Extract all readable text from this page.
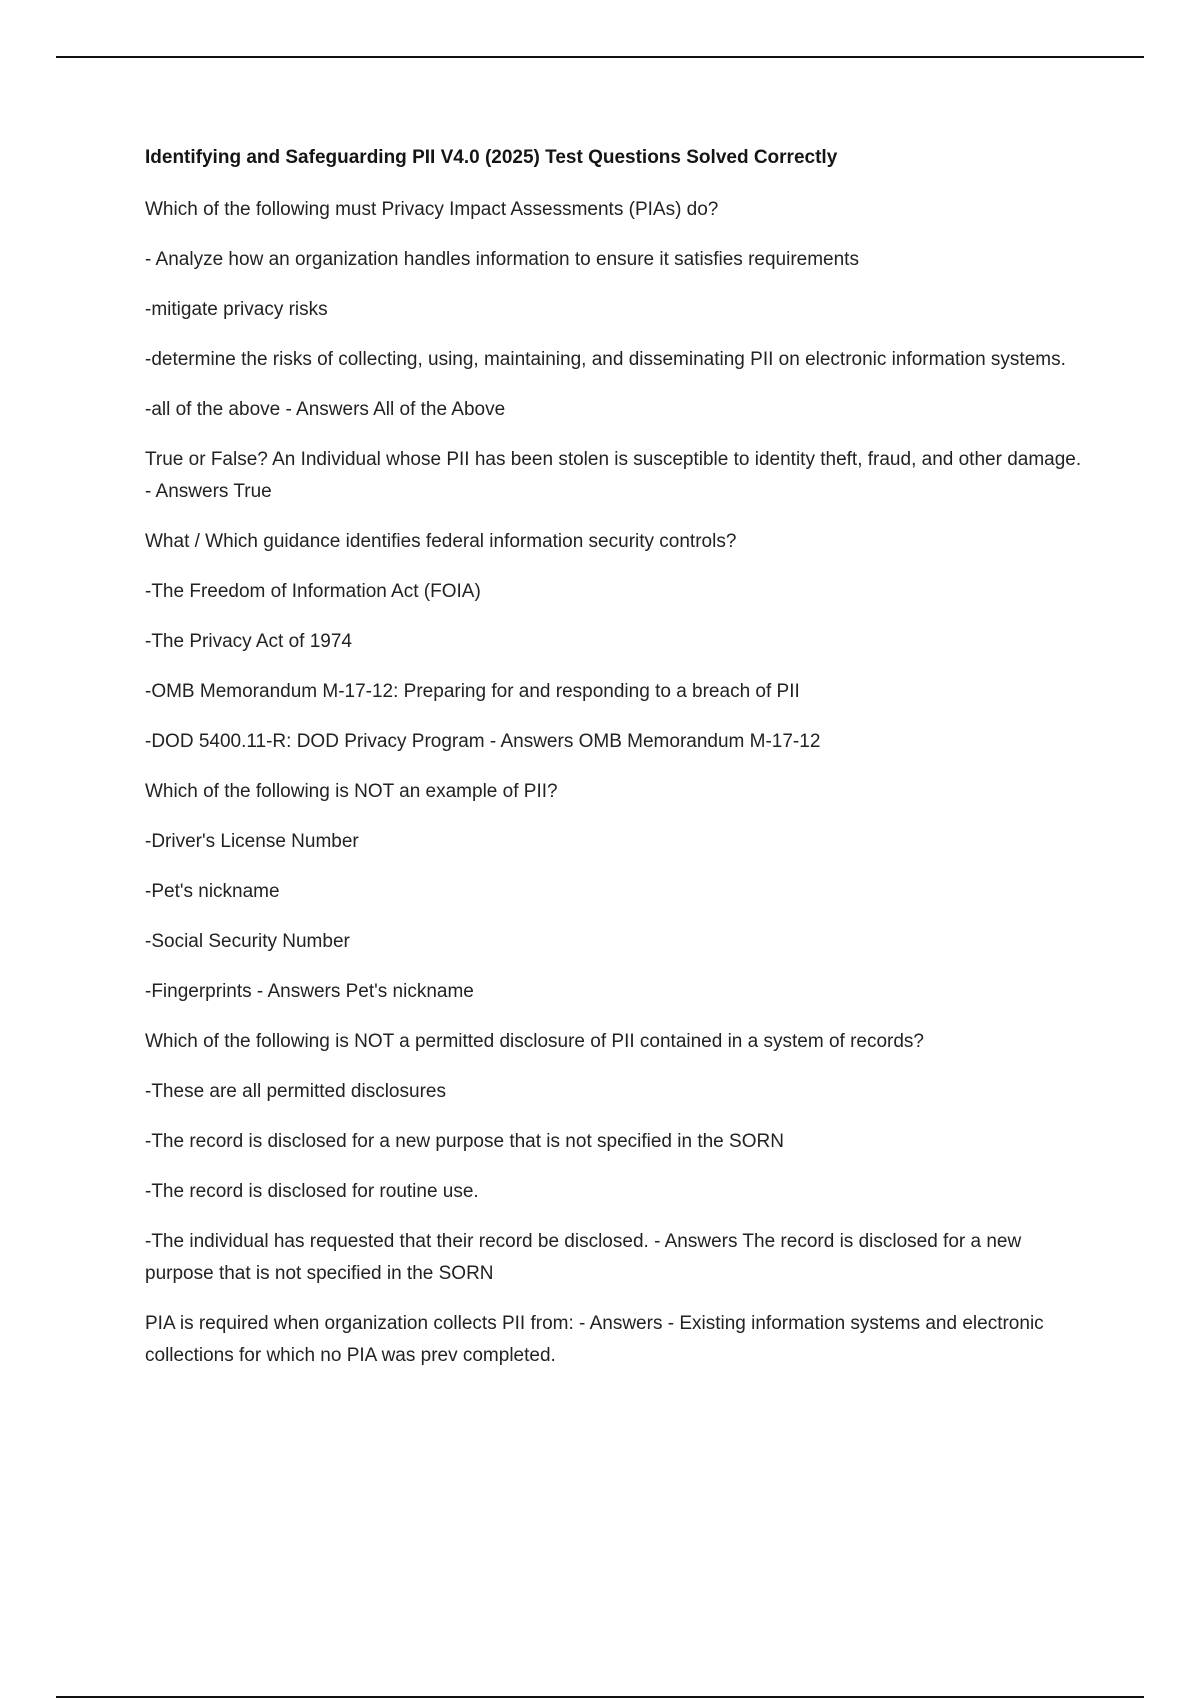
Identifying and Safeguarding PII V4.0 (2025) Test Questions Solved Correctly

Which of the following must Privacy Impact Assessments (PIAs) do?

- Analyze how an organization handles information to ensure it satisfies requirements

-mitigate privacy risks

-determine the risks of collecting, using, maintaining, and disseminating PII on electronic information systems.

-all of the above - Answers All of the Above

True or False? An Individual whose PII has been stolen is susceptible to identity theft, fraud, and other damage. - Answers True

What / Which guidance identifies federal information security controls?

-The Freedom of Information Act (FOIA)

-The Privacy Act of 1974

-OMB Memorandum M-17-12: Preparing for and responding to a breach of PII

-DOD 5400.11-R: DOD Privacy Program - Answers OMB Memorandum M-17-12

Which of the following is NOT an example of PII?

-Driver's License Number

-Pet's nickname

-Social Security Number

-Fingerprints - Answers Pet's nickname

Which of the following is NOT a permitted disclosure of PII contained in a system of records?

-These are all permitted disclosures

-The record is disclosed for a new purpose that is not specified in the SORN

-The record is disclosed for routine use.

-The individual has requested that their record be disclosed. - Answers The record is disclosed for a new purpose that is not specified in the SORN

PIA is required when organization collects PII from: - Answers - Existing information systems and electronic collections for which no PIA was prev completed.
